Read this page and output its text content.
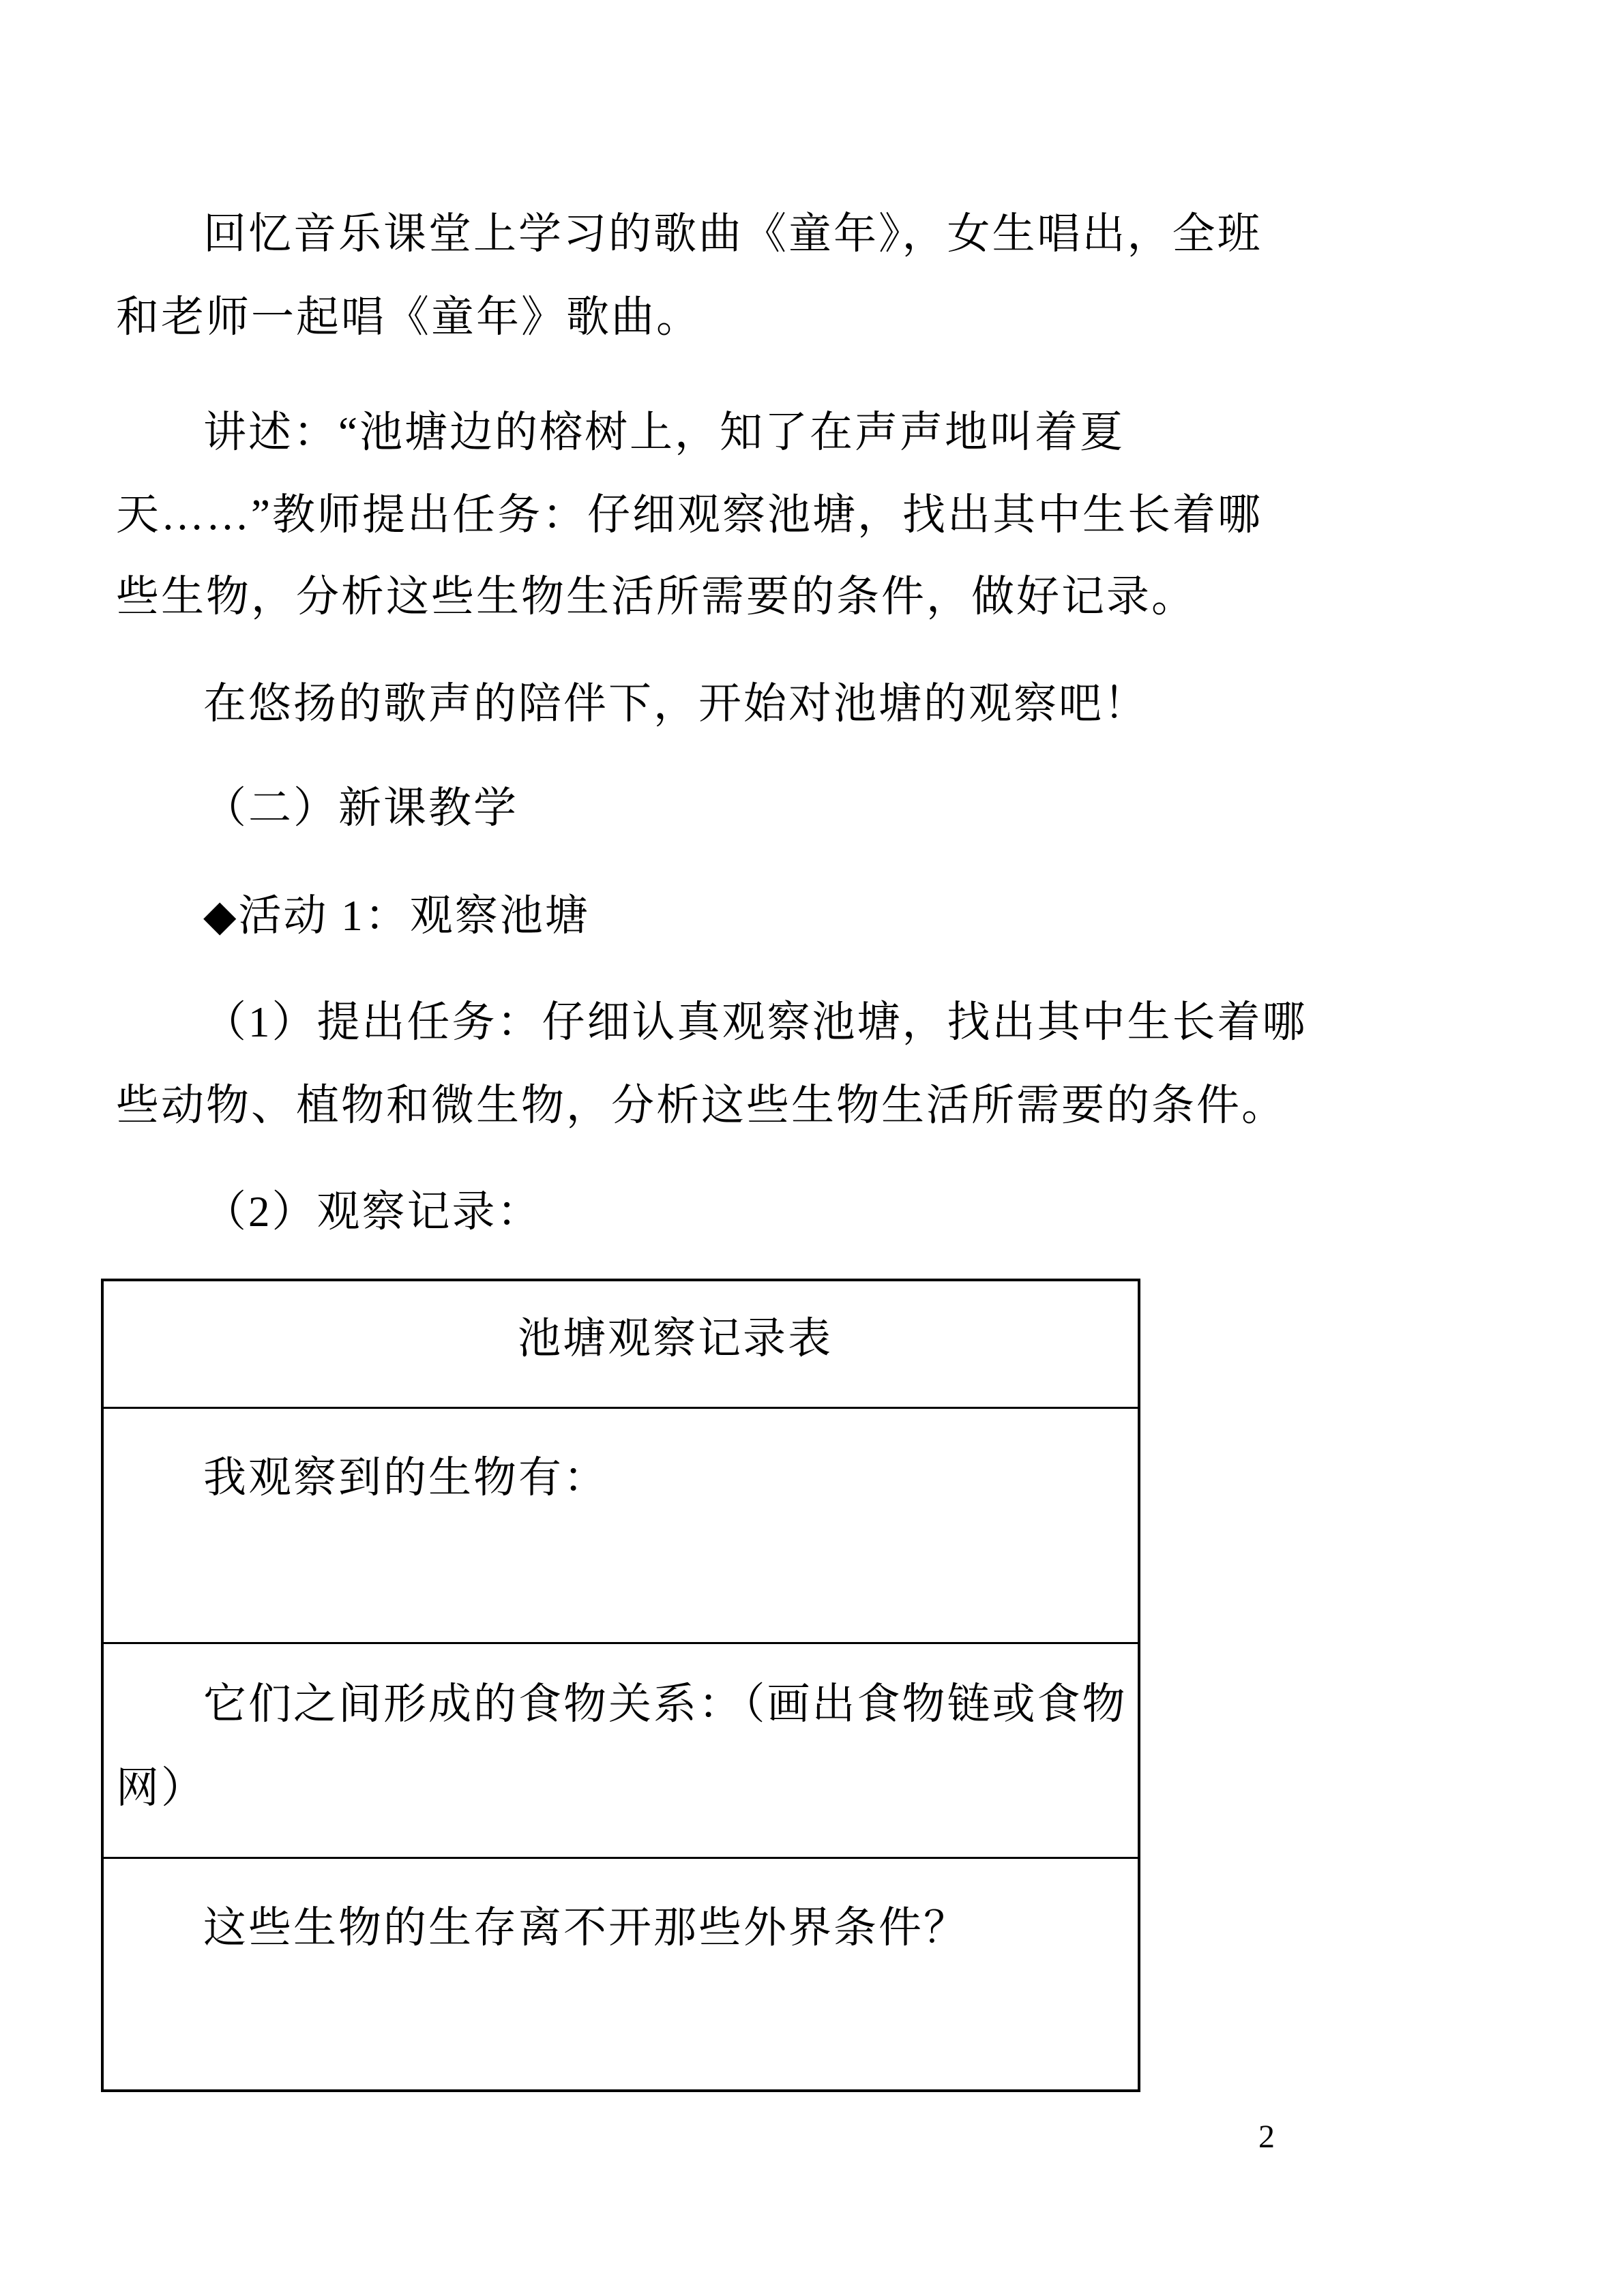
回忆音乐课堂上学习的歌曲《童年》，女生唱出，全班
和老师一起唱《童年》歌曲。
讲述：“池塘边的榕树上，知了在声声地叫着夏
天……”教师提出任务：仔细观察池塘，找出其中生长着哪
些生物，分析这些生物生活所需要的条件，做好记录。
在悠扬的歌声的陪伴下，开始对池塘的观察吧！
（二）新课教学
◆活动 1：观察池塘
（1）提出任务：仔细认真观察池塘，找出其中生长着哪
些动物、植物和微生物，分析这些生物生活所需要的条件。
（2）观察记录：
池塘观察记录表
我观察到的生物有：
它们之间形成的食物关系：（画出食物链或食物
网）
这些生物的生存离不开那些外界条件？
2
